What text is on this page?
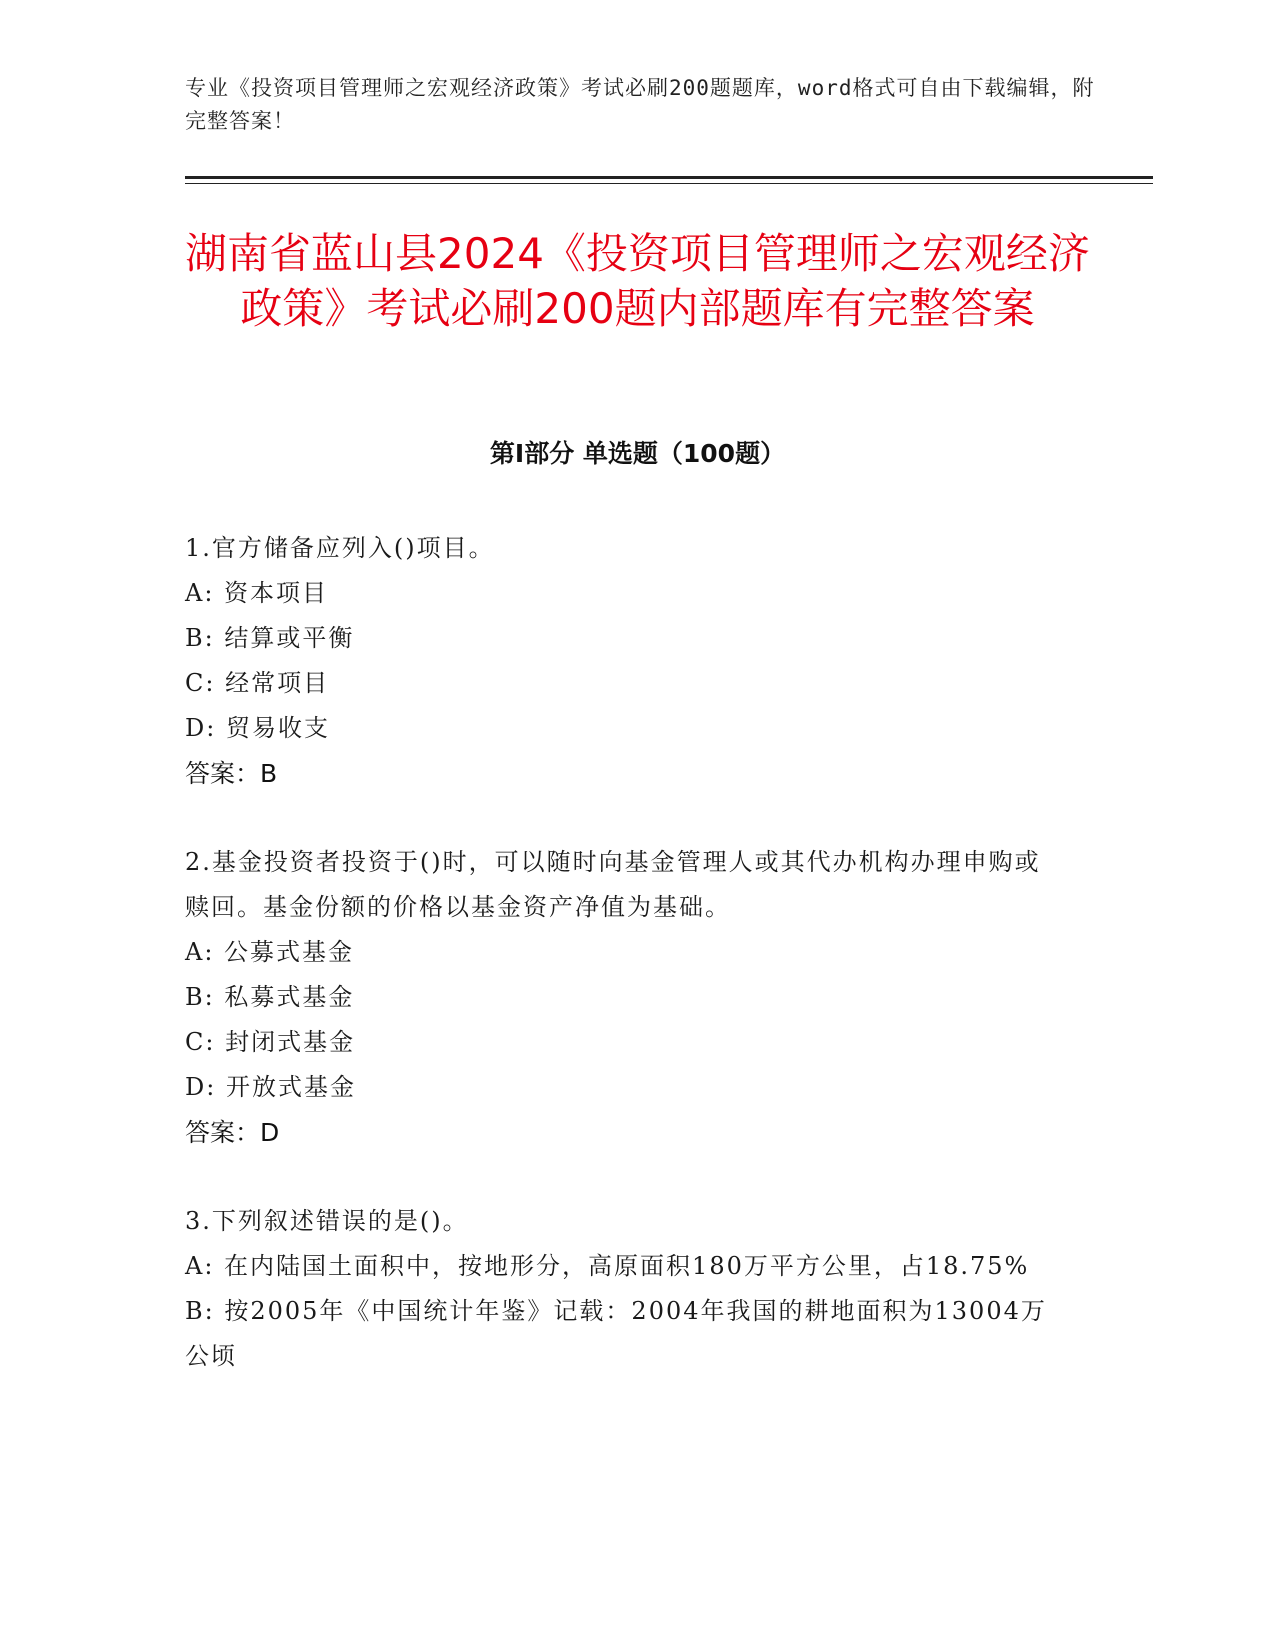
专业《投资项目管理师之宏观经济政策》考试必刷200题题库，word格式可自由下载编辑，附完整答案！
湖南省蓝山县2024《投资项目管理师之宏观经济政策》考试必刷200题内部题库有完整答案
第Ⅰ部分 单选题（100题）

1.官方储备应列入()项目。

A: 资本项目

B: 结算或平衡

C: 经常项目

D: 贸易收支

答案：B

2.基金投资者投资于()时，可以随时向基金管理人或其代办机构办理申购或赎回。基金份额的价格以基金资产净值为基础。

A: 公募式基金

B: 私募式基金

C: 封闭式基金

D: 开放式基金

答案：D

3.下列叙述错误的是()。

A: 在内陆国土面积中，按地形分，高原面积180万平方公里，占18.75%

B: 按2005年《中国统计年鉴》记载：2004年我国的耕地面积为13004万公顷
